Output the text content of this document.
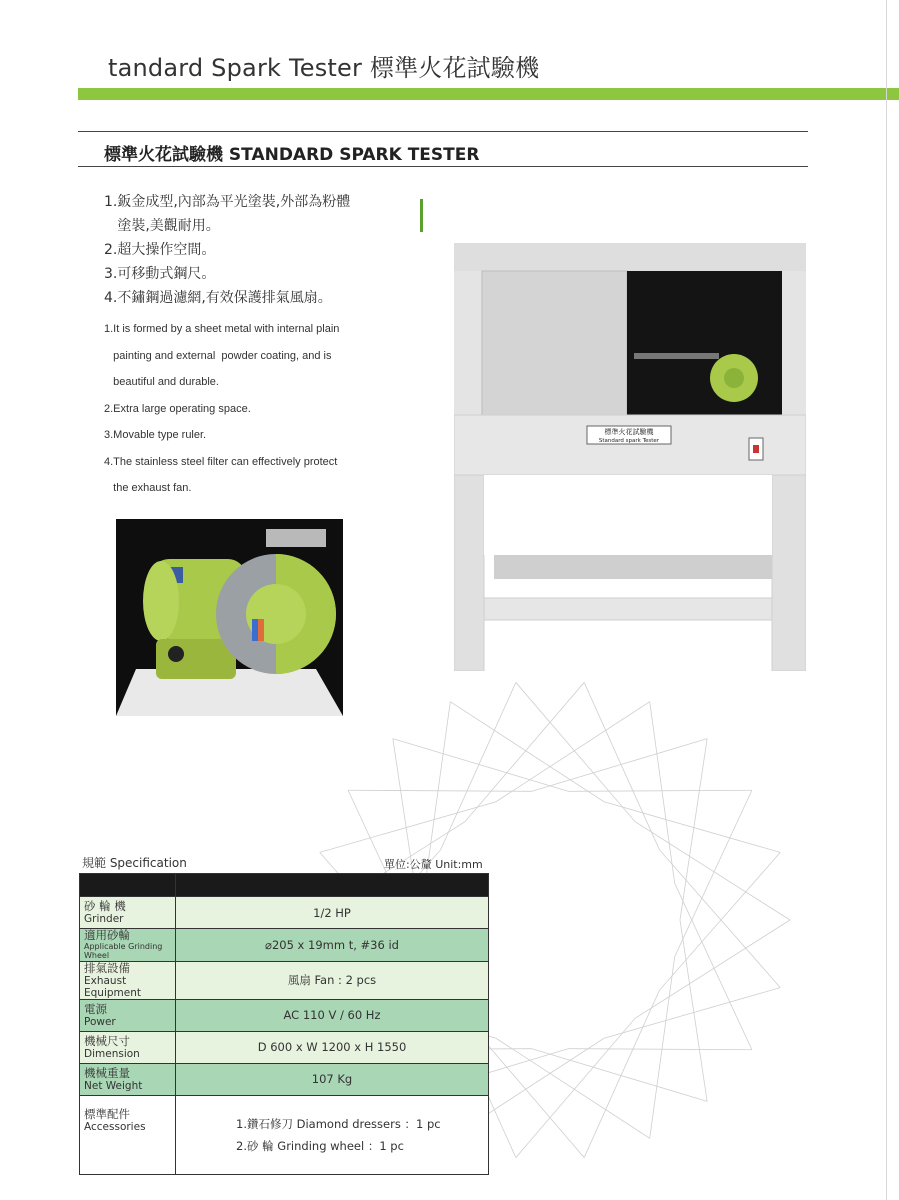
tandard Spark Tester 標準火花試驗機
標準火花試驗機 STANDARD SPARK TESTER
1.鈑金成型,內部為平光塗裝,外部為粉體
塗裝,美觀耐用。
2.超大操作空間。
3.可移動式鋼尺。
4.不鏽鋼過濾網,有效保護排氣風扇。
1.It is formed by a sheet metal with internal plain
painting and external  powder coating, and is
beautiful and durable.
2.Extra large operating space.
3.Movable type ruler.
4.The stainless steel filter can effectively protect
the exhaust fan.
標準火花試驗機
Standard spark Tester
規範 Specification	單位:公釐 Unit:mm

砂 輪 機
Grinder	1/2 HP

適用砂輪
Applicable Grinding Wheel	⌀205 x 19mm t, #36 id

排氣設備
Exhaust Equipment	風扇 Fan : 2 pcs

電源
Power	AC 110 V / 60 Hz

機械尺寸
Dimension	D 600 x W 1200 x H 1550

機械重量
Net Weight	107 Kg

標準配件
Accessories	1.鑽石修刀 Diamond dressers ：1 pc
2.砂 輪 Grinding wheel ：1 pc
